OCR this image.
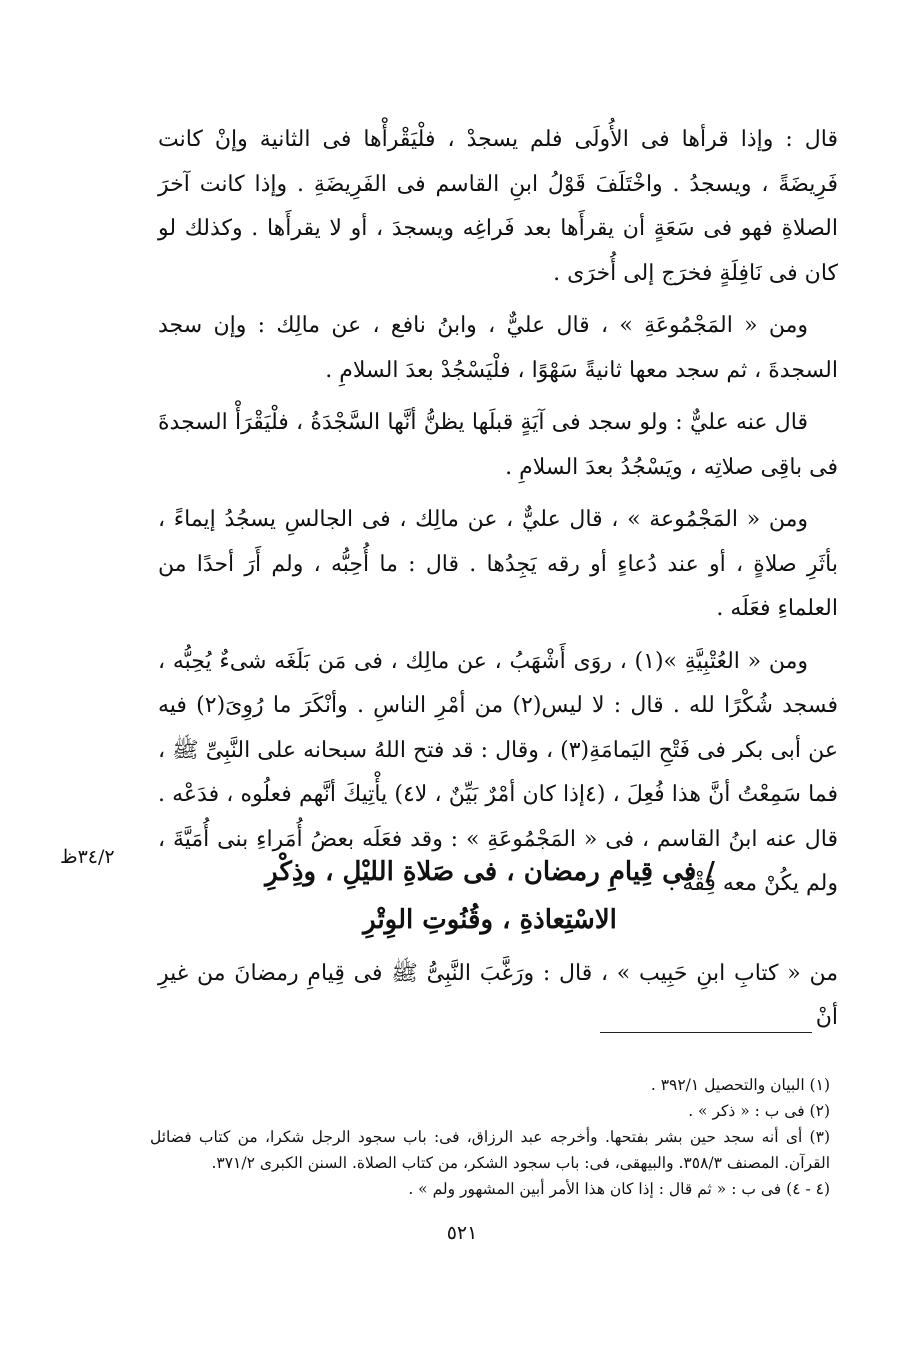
قال : وإذا قرأها فى الأُولَى فلم يسجدْ ، فلْيَقْرأْها فى الثانية وإنْ كانت فَرِيضَةً ، ويسجدُ . واخْتَلَفَ قَوْلُ ابنِ القاسم فى الفَرِيضَةِ . وإذا كانت آخرَ الصلاةِ فهو فى سَعَةٍ أن يقرأَها بعد فَراغِه ويسجدَ ، أو لا يقرأَها . وكذلك لو كان فى نَافِلَةٍ فخرَج إلى أُخرَى .

ومن « المَجْمُوعَةِ » ، قال عليٌّ ، وابنُ نافع ، عن مالِك : وإن سجد السجدةَ ، ثم سجد معها ثانيةً سَهْوًا ، فلْيَسْجُدْ بعدَ السلامِ .

قال عنه عليٌّ : ولو سجد فى آيَةٍ قبلَها يظنُّ أنَّها السَّجْدَةُ ، فلْيَقْرَأْ السجدةَ فى باقِى صلاتِه ، ويَسْجُدُ بعدَ السلامِ .

ومن « المَجْمُوعة » ، قال عليٌّ ، عن مالِك ، فى الجالسِ يسجُدُ إيماءً ، بأثَرِ صلاةٍ ، أو عند دُعاءٍ أو رقه يَجِدُها . قال : ما أُحِبُّه ، ولم أَرَ أحدًا من العلماءِ فعَلَه .

ومن « العُتْبِيَّةِ »(١) ، روَى أَشْهَبُ ، عن مالِك ، فى مَن بَلَغَه شىءٌ يُحِبُّه ، فسجد شُكْرًا لله . قال : لا ليس(٢) من أمْرِ الناسِ . وأنْكَرَ ما رُوِىَ(٢) فيه عن أبى بكر فى فَتْحِ اليَمامَةِ(٣) ، وقال : قد فتح اللهُ سبحانه على النَّبِىِّ ﷺ ، فما سَمِعْتُ أنَّ هذا فُعِلَ ، (٤إذا كان أمْرٌ بَيِّنٌ ، لا٤) يأْتِيكَ أنَّهم فعلُوه ، فدَعْه . قال عنه ابنُ القاسم ، فى « المَجْمُوعَةِ » : وقد فعَلَه بعضُ أُمَراءِ بنى أُمَيَّةَ ، ولم يكُنْ معه فِقْهٌ .

٣٤/٢ظ	/ فى قِيامِ رمضان ، فى صَلاةِ الليْلِ ، وذِكْرِ
الاسْتِعاذةِ ، وقُنُوتِ الوِتْرِ
من « كتابِ ابنِ حَبِيب » ، قال : ورَغَّبَ النَّبِىُّ ﷺ فى قِيامِ رمضانَ من غيرِ أنْ
(١) البيان والتحصيل ٣٩٢/١ .
(٢) فى ب : « ذكر » .
(٣) أى أنه سجد حين بشر بفتحها. وأخرجه عبد الرزاق، فى: باب سجود الرجل شكرا، من كتاب فضائل القرآن. المصنف ٣٥٨/٣. والبيهقى، فى: باب سجود الشكر، من كتاب الصلاة. السنن الكبرى ٣٧١/٢.
(٤ - ٤) فى ب : « ثم قال : إذا كان هذا الأمر أبين المشهور ولم » .
٥٢١
